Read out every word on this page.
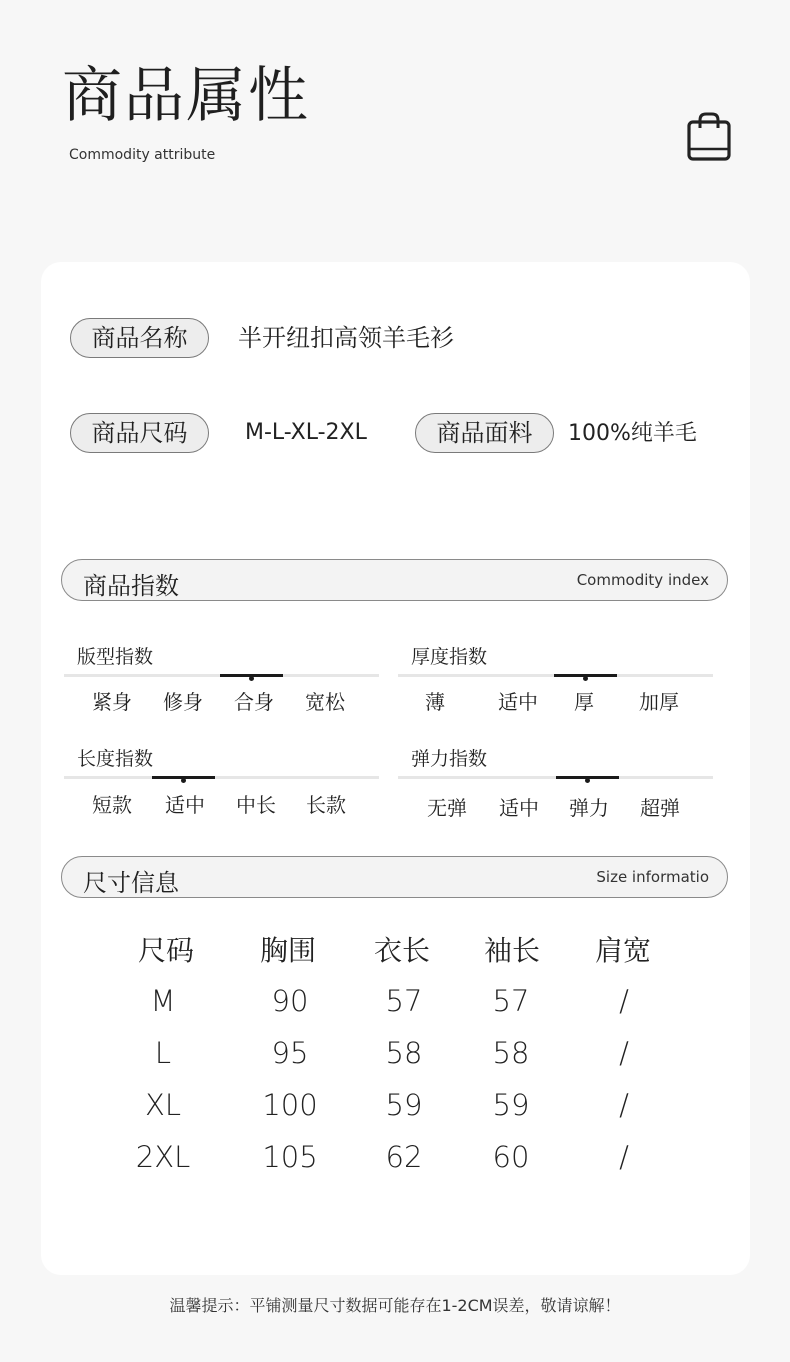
商品属性
Commodity attribute
商品名称	半开纽扣高领羊毛衫
商品尺码	M-L-XL-2XL	商品面料	100%纯羊毛
商品指数	Commodity index
版型指数
紧身	修身	合身	宽松
厚度指数
薄	适中	厚	加厚
长度指数
短款	适中	中长	长款
弹力指数
无弹	适中	弹力	超弹
尺寸信息	Size informatio
尺码	胸围	衣长	袖长	肩宽
M	90	57	57	/
L	95	58	58	/
XL	100	59	59	/
2XL	105	62	60	/
温馨提示：平铺测量尺寸数据可能存在1-2CM误差，敬请谅解！
